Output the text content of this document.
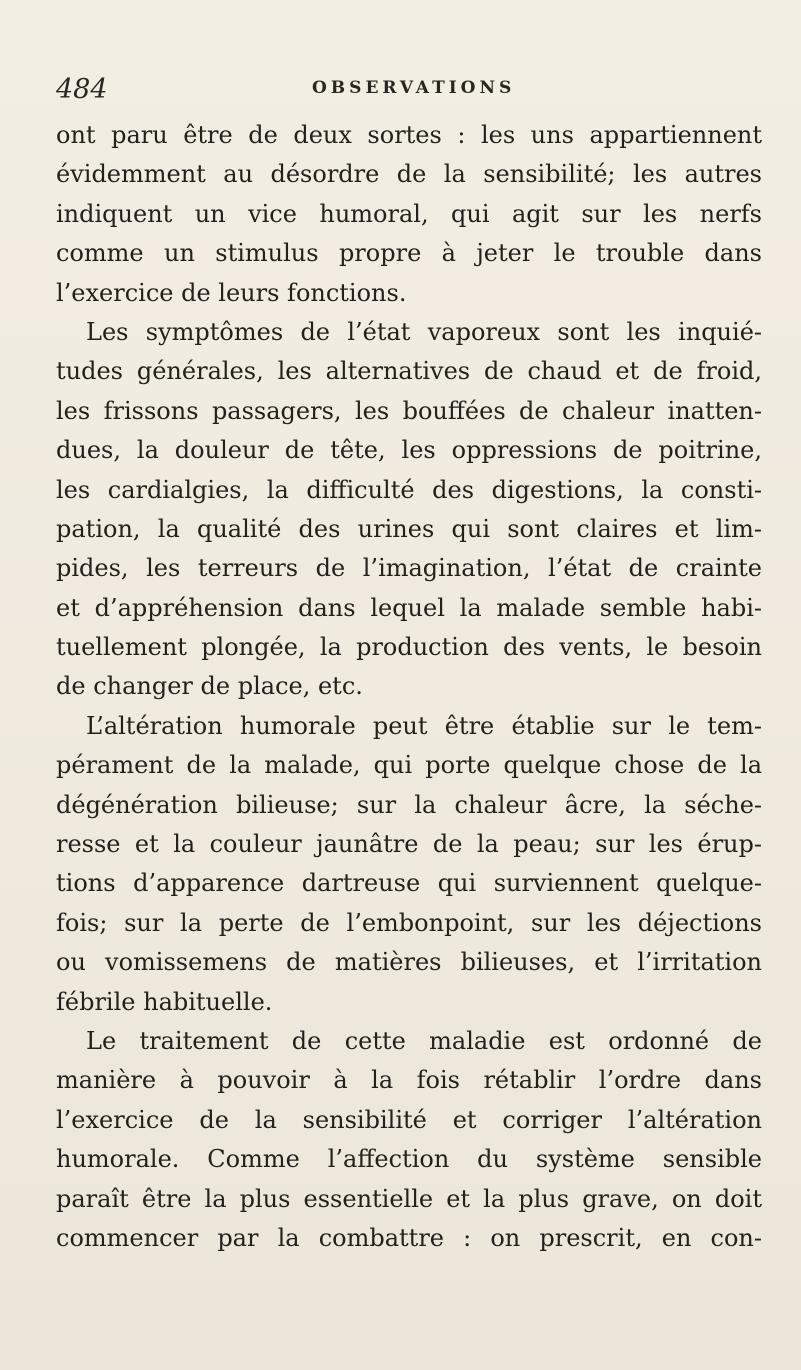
484	OBSERVATIONS
ont paru être de deux sortes : les uns appartiennent
évidemment au désordre de la sensibilité; les autres
indiquent un vice humoral, qui agit sur les nerfs
comme un stimulus propre à jeter le trouble dans
l’exercice de leurs fonctions.
Les symptômes de l’état vaporeux sont les inquié-
tudes générales, les alternatives de chaud et de froid,
les frissons passagers, les bouffées de chaleur inatten-
dues, la douleur de tête, les oppressions de poitrine,
les cardialgies, la difficulté des digestions, la consti-
pation, la qualité des urines qui sont claires et lim-
pides, les terreurs de l’imagination, l’état de crainte
et d’appréhension dans lequel la malade semble habi-
tuellement plongée, la production des vents, le besoin
de changer de place, etc.
L’altération humorale peut être établie sur le tem-
pérament de la malade, qui porte quelque chose de la
dégénération bilieuse; sur la chaleur âcre, la séche-
resse et la couleur jaunâtre de la peau; sur les érup-
tions d’apparence dartreuse qui surviennent quelque-
fois; sur la perte de l’embonpoint, sur les déjections
ou vomissemens de matières bilieuses, et l’irritation
fébrile habituelle.
Le traitement de cette maladie est ordonné de
manière à pouvoir à la fois rétablir l’ordre dans
l’exercice de la sensibilité et corriger l’altération
humorale. Comme l’affection du système sensible
paraît être la plus essentielle et la plus grave, on doit
commencer par la combattre : on prescrit, en con-
